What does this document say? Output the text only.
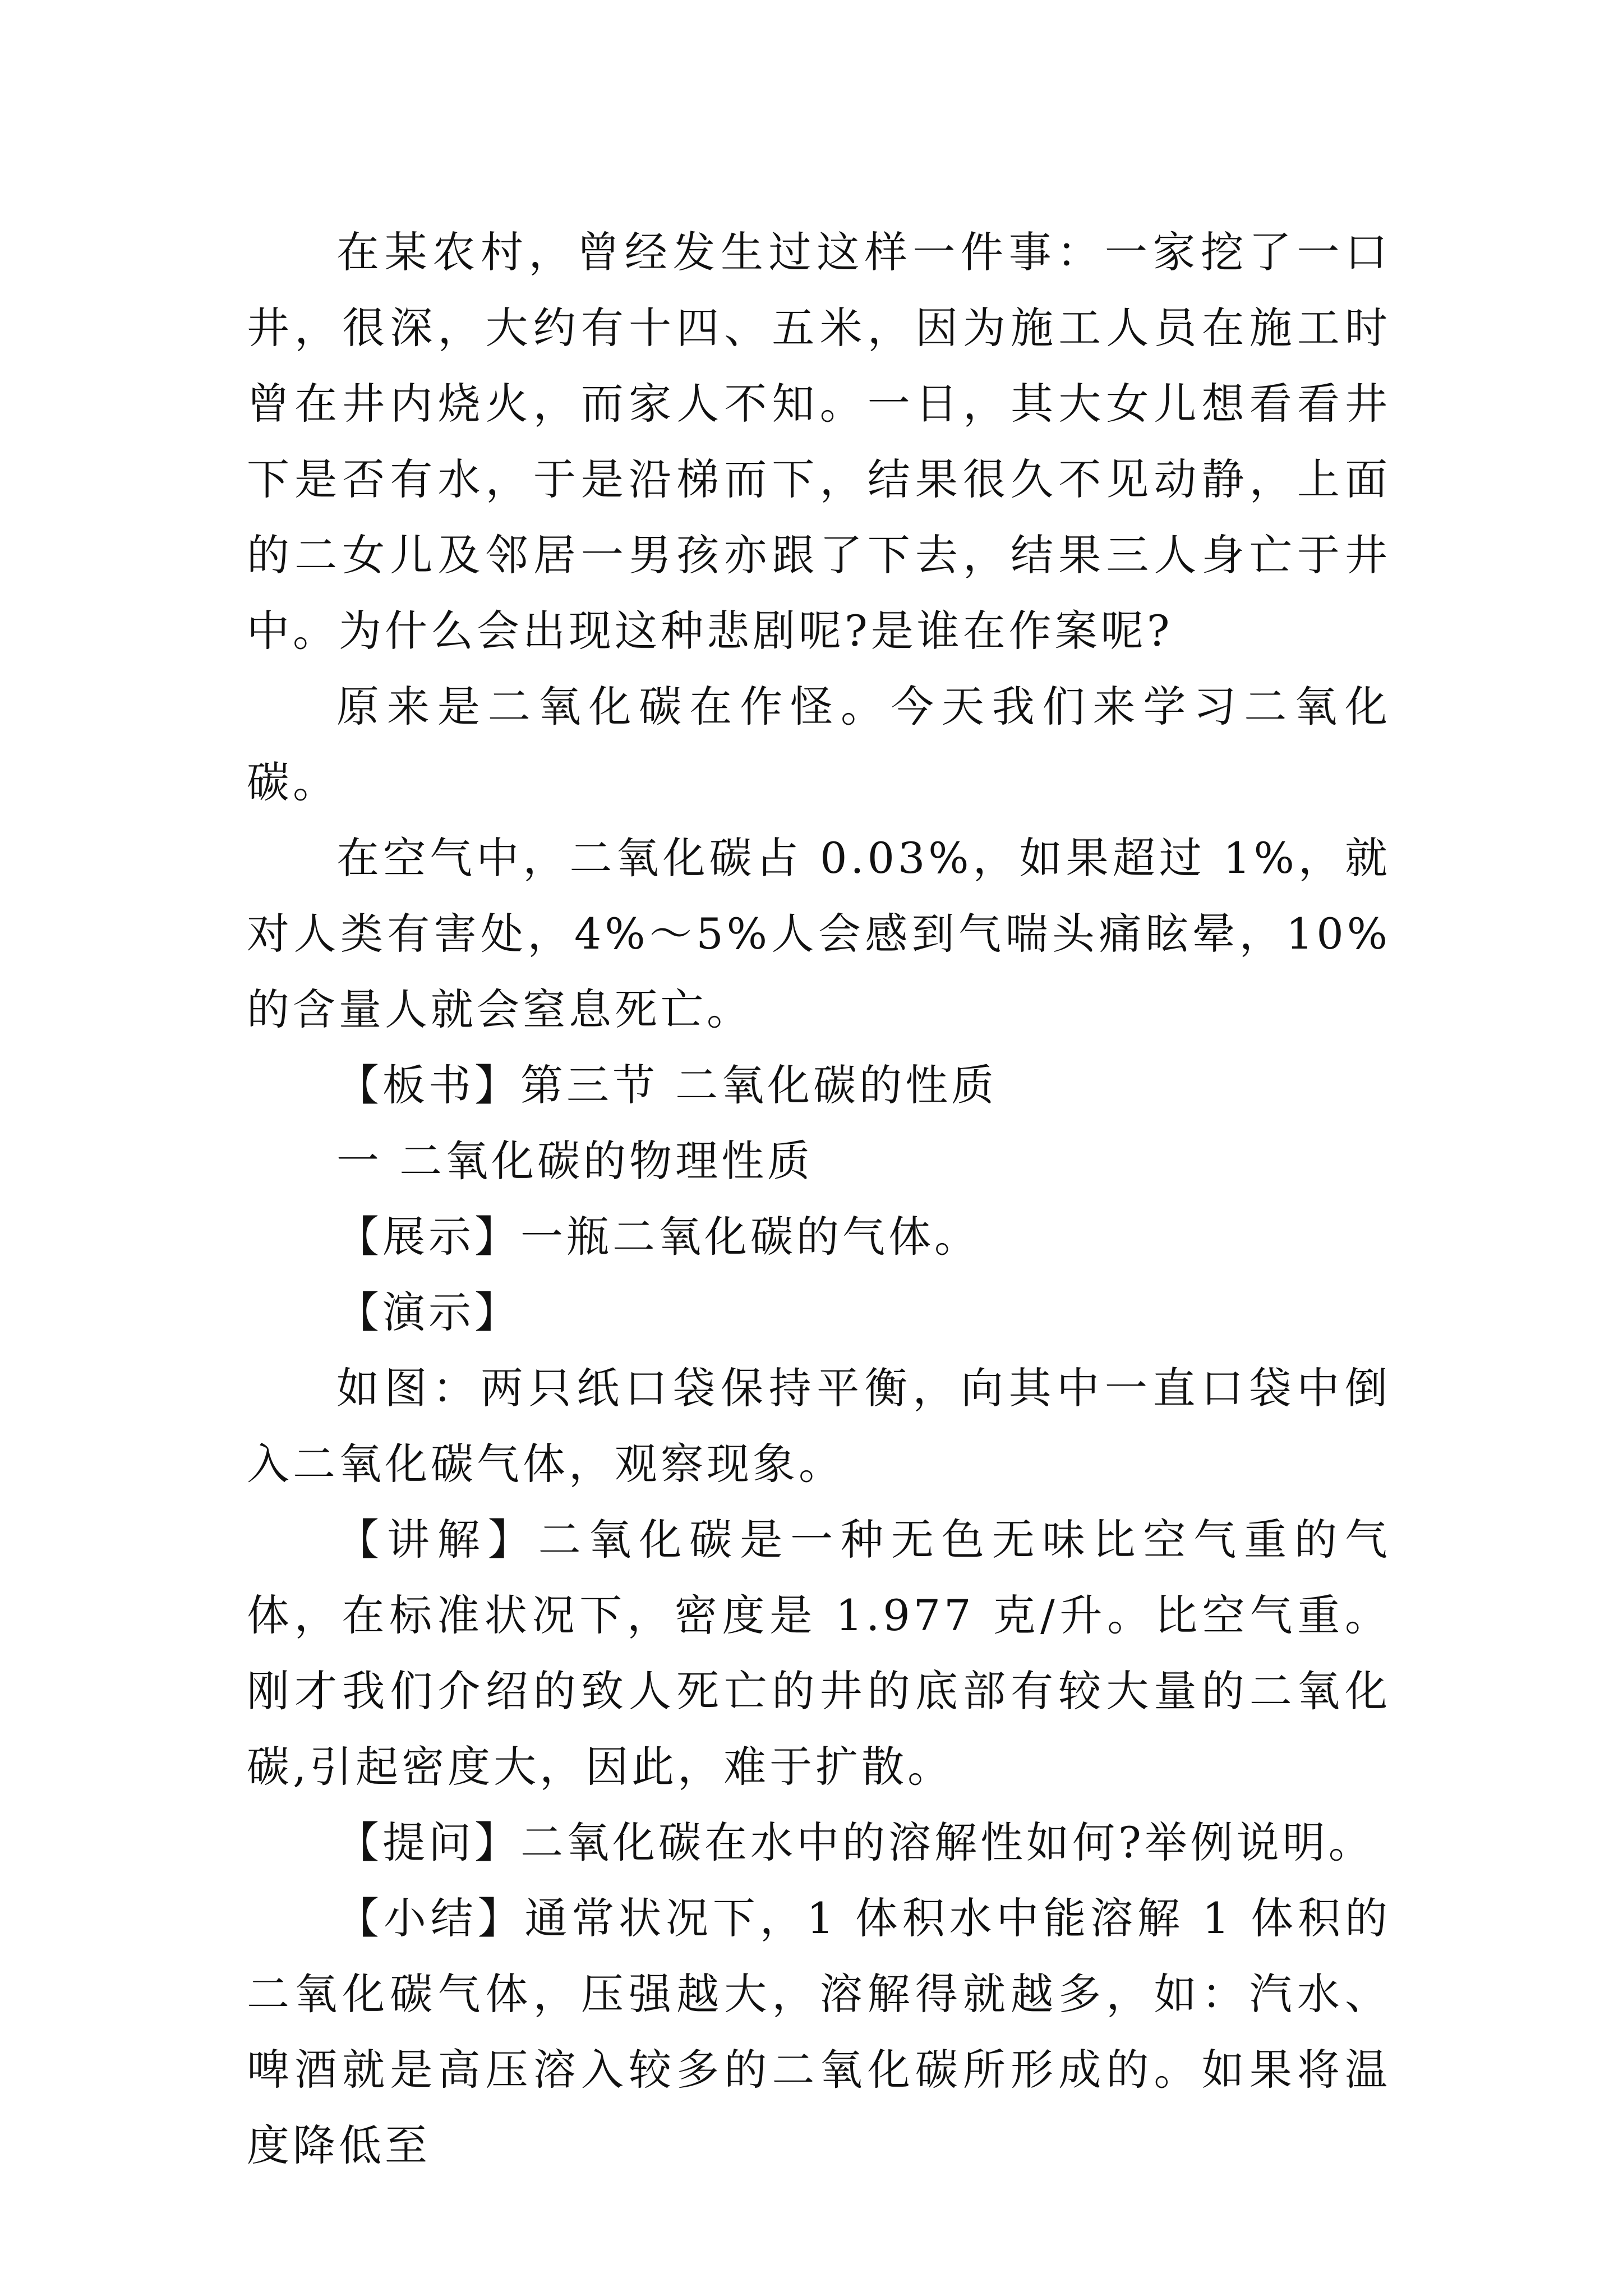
在某农村，曾经发生过这样一件事：一家挖了一口井，很深，大约有十四、五米，因为施工人员在施工时曾在井内烧火，而家人不知。一日，其大女儿想看看井下是否有水，于是沿梯而下，结果很久不见动静，上面的二女儿及邻居一男孩亦跟了下去，结果三人身亡于井中。为什么会出现这种悲剧呢?是谁在作案呢?

原来是二氧化碳在作怪。今天我们来学习二氧化碳。

在空气中，二氧化碳占 0.03%，如果超过 1%，就对人类有害处，4%～5%人会感到气喘头痛眩晕，10%的含量人就会窒息死亡。

【板书】第三节 二氧化碳的性质

一 二氧化碳的物理性质

【展示】一瓶二氧化碳的气体。

【演示】

如图：两只纸口袋保持平衡，向其中一直口袋中倒入二氧化碳气体，观察现象。

【讲解】二氧化碳是一种无色无味比空气重的气体，在标准状况下，密度是 1.977 克/升。比空气重。刚才我们介绍的致人死亡的井的底部有较大量的二氧化碳,引起密度大，因此，难于扩散。

【提问】二氧化碳在水中的溶解性如何?举例说明。

【小结】通常状况下，1 体积水中能溶解 1 体积的二氧化碳气体，压强越大，溶解得就越多，如：汽水、啤酒就是高压溶入较多的二氧化碳所形成的。如果将温度降低至
